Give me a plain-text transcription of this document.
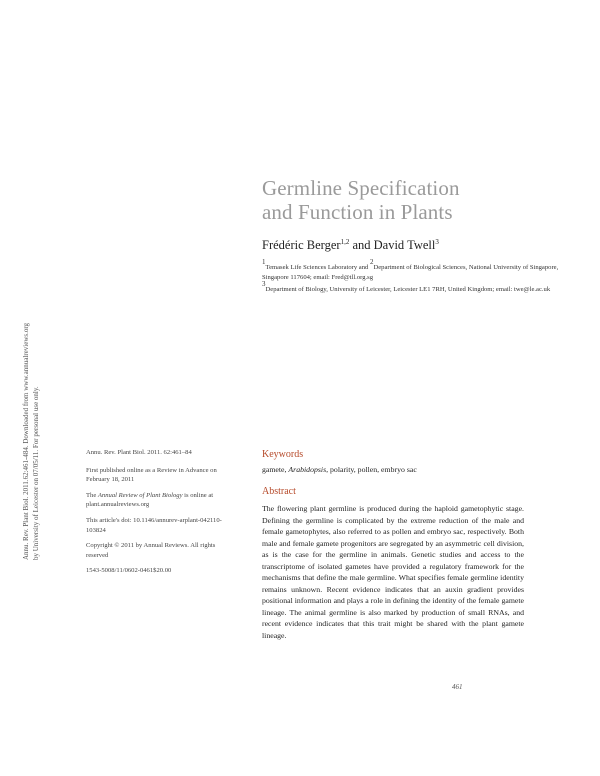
Annu. Rev. Plant Biol. 2011.62:461-484. Downloaded from www.annualreviews.org by University of Leicester on 07/05/11. For personal use only.
Germline Specification
and Function in Plants
Frédéric Berger$^{1,2}$ and David Twell$^3$
$^1$Temasek Life Sciences Laboratory and $^2$Department of Biological Sciences, National University of Singapore, Singapore 117604; email: Fred@tll.org.sg
$^3$Department of Biology, University of Leicester, Leicester LE1 7RH, United Kingdom; email: twe@le.ac.uk

Annu. Rev. Plant Biol. 2011. 62:461–84

First published online as a Review in Advance on February 18, 2011

The Annual Review of Plant Biology is online at plant.annualreviews.org

This article's doi: 10.1146/annurev-arplant-042110-103824

Copyright © 2011 by Annual Reviews. All rights reserved

1543-5008/11/0602-0461$20.00

Keywords
gamete, Arabidopsis, polarity, pollen, embryo sac
Abstract
The flowering plant germline is produced during the haploid gametophytic stage. Defining the germline is complicated by the extreme reduction of the male and female gametophytes, also referred to as pollen and embryo sac, respectively. Both male and female gamete progenitors are segregated by an asymmetric cell division, as is the case for the germline in animals. Genetic studies and access to the transcriptome of isolated gametes have provided a regulatory framework for the mechanisms that define the male germline. What specifies female germline identity remains unknown. Recent evidence indicates that an auxin gradient provides positional information and plays a role in defining the identity of the female gamete lineage. The animal germline is also marked by production of small RNAs, and recent evidence indicates that this trait might be shared with the plant gamete lineage.
461
